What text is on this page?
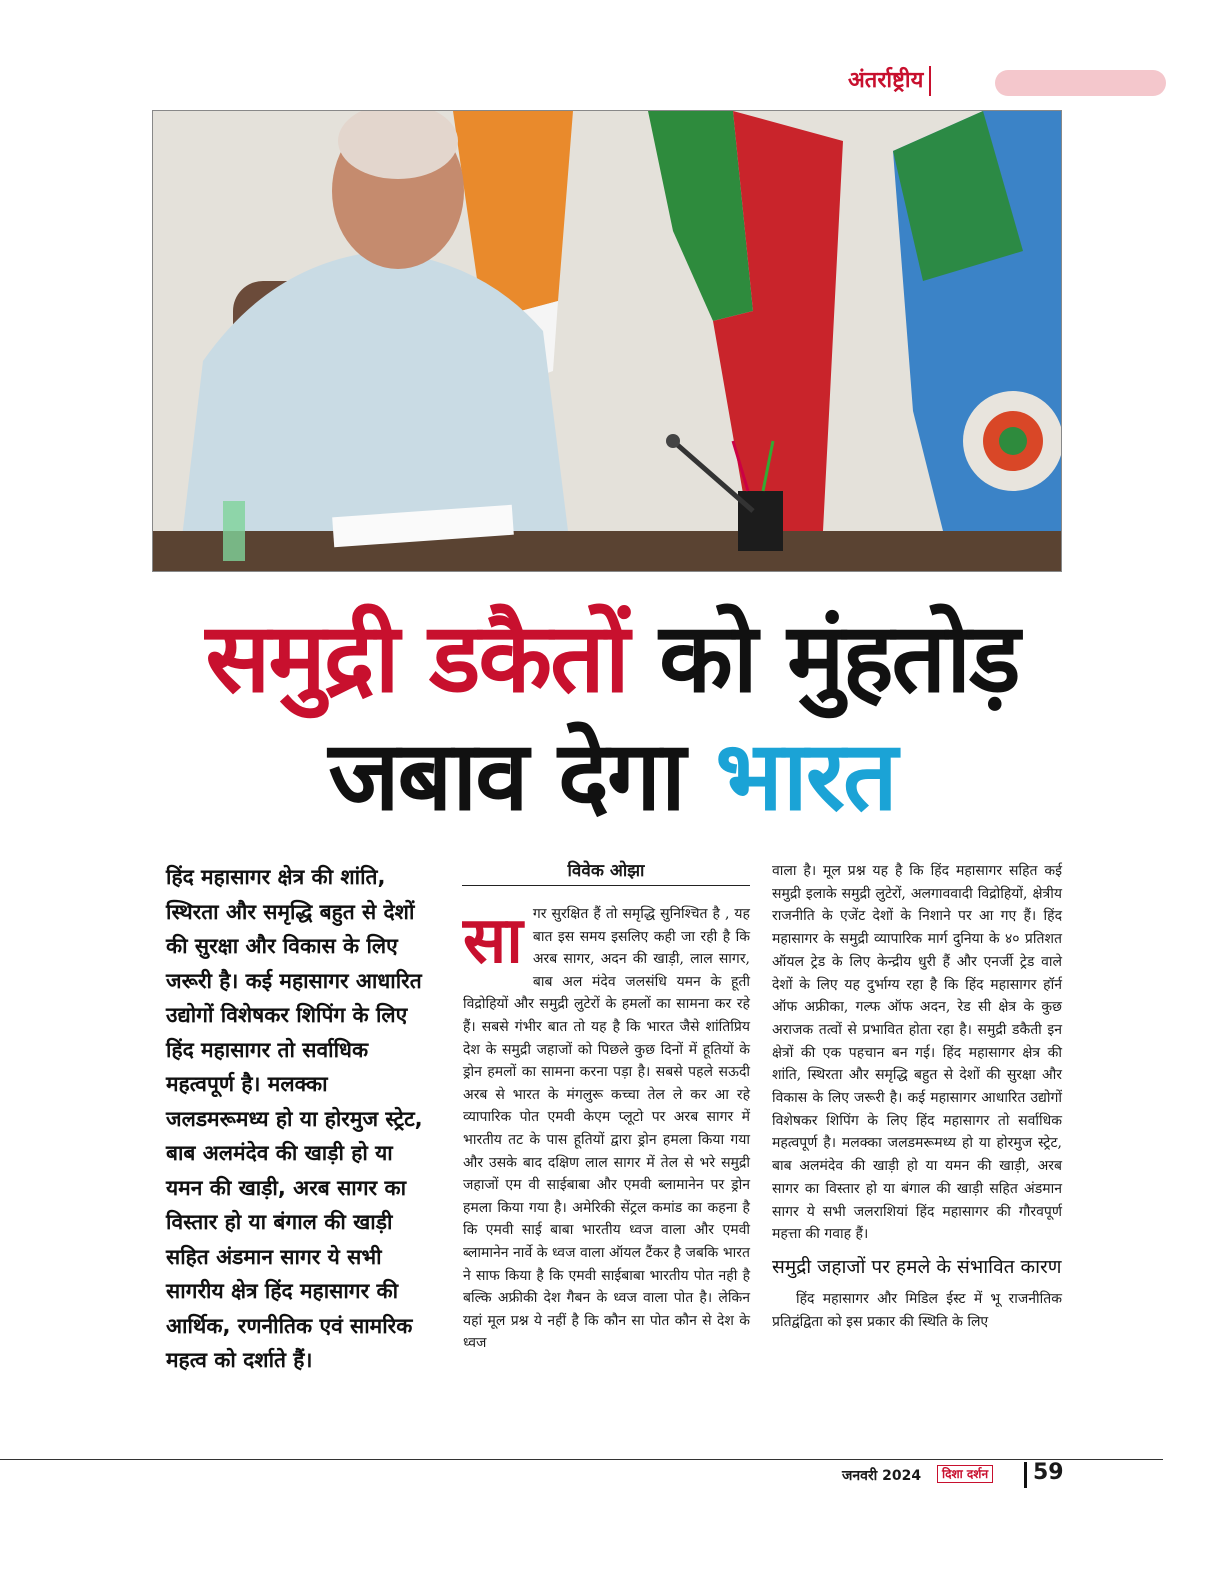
अंतर्राष्ट्रीय
समुद्री डकैतों को मुंहतोड़
जबाव देगा भारत
हिंद महासागर क्षेत्र की शांति, स्थिरता और समृद्धि बहुत से देशों की सुरक्षा और विकास के लिए जरूरी है। कई महासागर आधारित उद्योगों विशेषकर शिपिंग के लिए हिंद महासागर तो सर्वाधिक महत्वपूर्ण है। मलक्का जलडमरूमध्य हो या होरमुज स्ट्रेट, बाब अलमंदेव की खाड़ी हो या यमन की खाड़ी, अरब सागर का विस्तार हो या बंगाल की खाड़ी सहित अंडमान सागर ये सभी सागरीय क्षेत्र हिंद महासागर की आर्थिक, रणनीतिक एवं सामरिक महत्व को दर्शाते हैं।
विवेक ओझा
सा गर सुरक्षित हैं तो समृद्धि सुनिश्चित है , यह बात इस समय इसलिए कही जा रही है कि अरब सागर, अदन की खाड़ी, लाल सागर, बाब अल मंदेव जलसंधि यमन के हूती विद्रोहियों और समुद्री लुटेरों के हमलों का सामना कर रहे हैं। सबसे गंभीर बात तो यह है कि भारत जैसे शांतिप्रिय देश के समुद्री जहाजों को पिछले कुछ दिनों में हूतियों के ड्रोन हमलों का सामना करना पड़ा है। सबसे पहले सऊदी अरब से भारत के मंगलुरू कच्चा तेल ले कर आ रहे व्यापारिक पोत एमवी केएम प्लूटो पर अरब सागर में भारतीय तट के पास हूतियों द्वारा ड्रोन हमला किया गया और उसके बाद दक्षिण लाल सागर में तेल से भरे समुद्री जहाजों एम वी साईबाबा और एमवी ब्लामानेन पर ड्रोन हमला किया गया है। अमेरिकी सेंट्रल कमांड का कहना है कि एमवी साई बाबा भारतीय ध्वज वाला और एमवी ब्लामानेन नार्वे के ध्वज वाला ऑयल टैंकर है जबकि भारत ने साफ किया है कि एमवी साईबाबा भारतीय पोत नही है बल्कि अफ्रीकी देश गैबन के ध्वज वाला पोत है। लेकिन यहां मूल प्रश्न ये नहीं है कि कौन सा पोत कौन से देश के ध्वज
वाला है। मूल प्रश्न यह है कि हिंद महासागर सहित कई समुद्री इलाके समुद्री लुटेरों, अलगाववादी विद्रोहियों, क्षेत्रीय राजनीति के एजेंट देशों के निशाने पर आ गए हैं। हिंद महासागर के समुद्री व्यापारिक मार्ग दुनिया के ४० प्रतिशत ऑयल ट्रेड के लिए केन्द्रीय धुरी हैं और एनर्जी ट्रेड वाले देशों के लिए यह दुर्भाग्य रहा है कि हिंद महासागर हॉर्न ऑफ अफ्रीका, गल्फ ऑफ अदन, रेड सी क्षेत्र के कुछ अराजक तत्वों से प्रभावित होता रहा है। समुद्री डकैती इन क्षेत्रों की एक पहचान बन गई। हिंद महासागर क्षेत्र की शांति, स्थिरता और समृद्धि बहुत से देशों की सुरक्षा और विकास के लिए जरूरी है। कई महासागर आधारित उद्योगों विशेषकर शिपिंग के लिए हिंद महासागर तो सर्वाधिक महत्वपूर्ण है। मलक्का जलडमरूमध्य हो या होरमुज स्ट्रेट, बाब अलमंदेव की खाड़ी हो या यमन की खाड़ी, अरब सागर का विस्तार हो या बंगाल की खाड़ी सहित अंडमान सागर ये सभी जलराशियां हिंद महासागर की गौरवपूर्ण महत्ता की गवाह हैं।
समुद्री जहाजों पर हमले के संभावित कारण
हिंद महासागर और मिडिल ईस्ट में भू राजनीतिक प्रतिद्वंद्विता को इस प्रकार की स्थिति के लिए
जनवरी 2024	दिशा दर्शन 59
